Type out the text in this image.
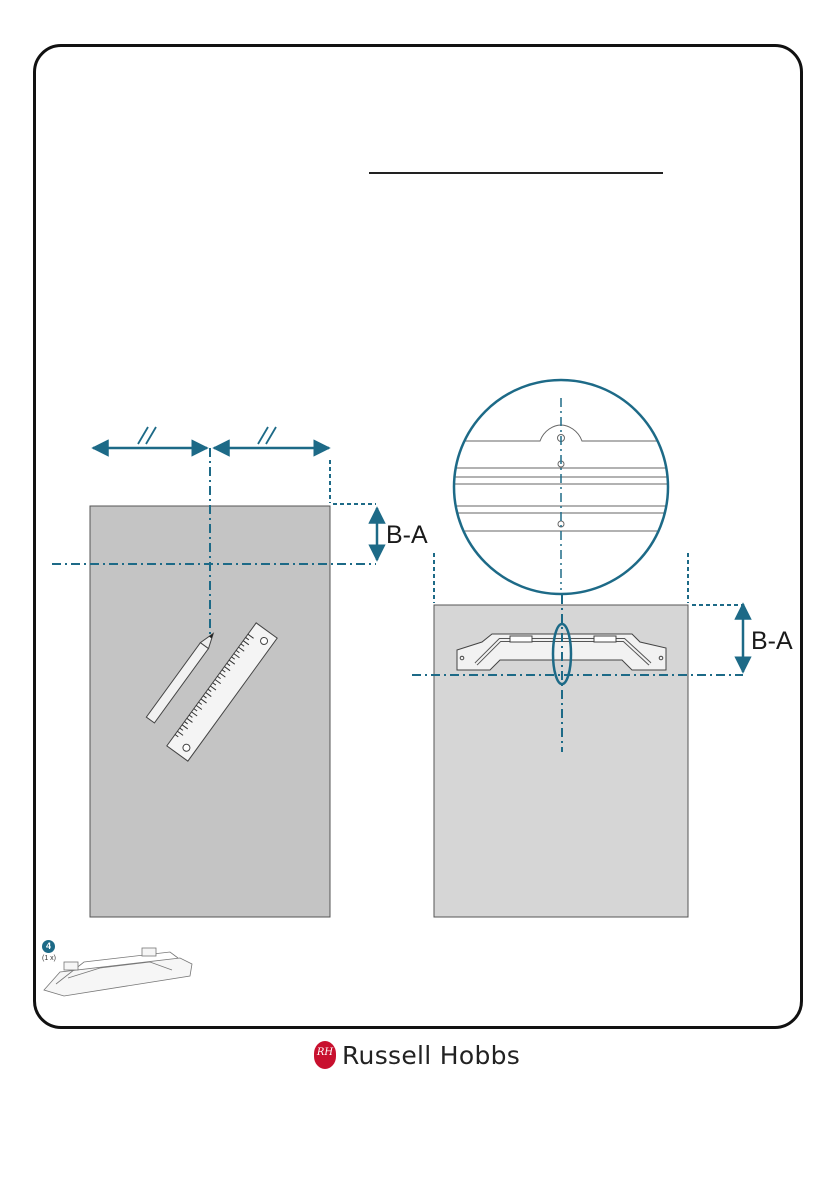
B-A
B-A
4
(1 x)
RH Russell Hobbs
